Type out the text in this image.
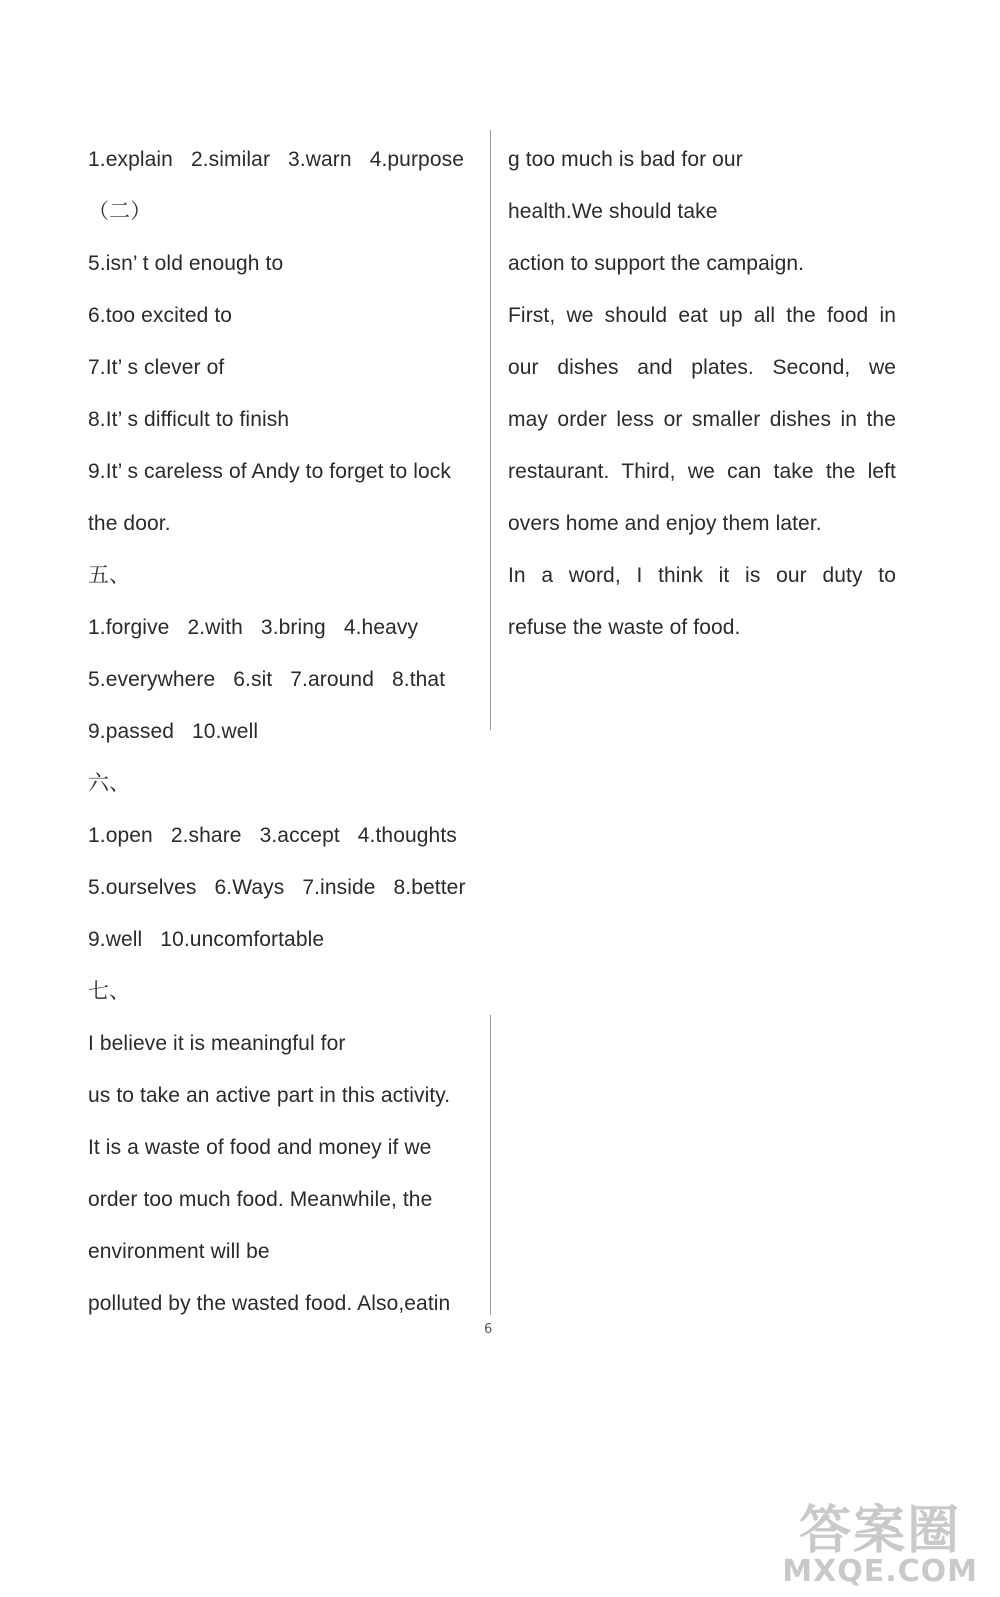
1.explain 2.similar 3.warn 4.purpose
（二）
5.isn’ t old enough to
6.too excited to
7.It’ s clever of
8.It’ s difficult to finish
9.It’ s careless of Andy to forget to lock
the door.
五、
1.forgive 2.with 3.bring 4.heavy
5.everywhere 6.sit 7.around 8.that
9.passed 10.well
六、
1.open 2.share 3.accept 4.thoughts
5.ourselves 6.Ways 7.inside 8.better
9.well 10.uncomfortable
七、
I believe it is meaningful for
us to take an active part in this activity.
It is a waste of food and money if we
order too much food. Meanwhile, the
environment will be
polluted by the wasted food. Also,eatin
g too much is bad for our
health.We should take
action to support the campaign.
First, we should eat up all the food in
our dishes and plates. Second, we
may order less or smaller dishes in the
restaurant. Third, we can take the left
overs home and enjoy them later.
In a word, I think it is our duty to
refuse the waste of food.
6
答案圈
MXQE.COM
